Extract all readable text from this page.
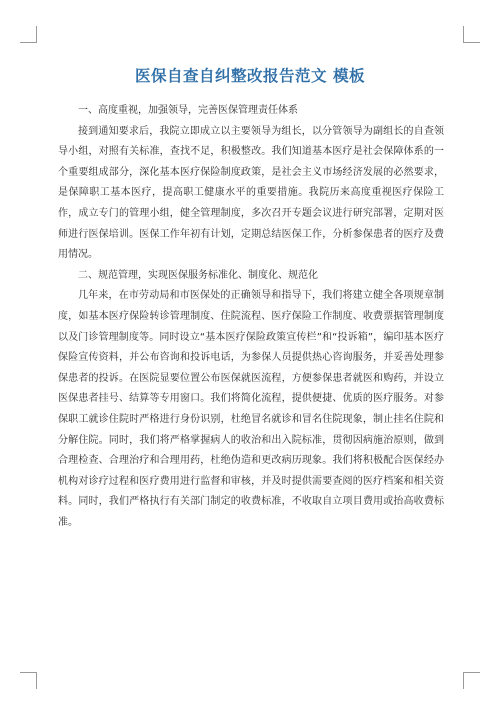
医保自查自纠整改报告范文 模板

一、高度重视，加强领导，完善医保管理责任体系

接到通知要求后，我院立即成立以主要领导为组长，以分管领导为副组长的自查领导小组，对照有关标准，查找不足，积极整改。我们知道基本医疗是社会保障体系的一个重要组成部分，深化基本医疗保险制度政策，是社会主义市场经济发展的必然要求，是保障职工基本医疗，提高职工健康水平的重要措施。我院历来高度重视医疗保险工作，成立专门的管理小组，健全管理制度，多次召开专题会议进行研究部署，定期对医师进行医保培训。医保工作年初有计划，定期总结医保工作，分析参保患者的医疗及费用情况。

二、规范管理，实现医保服务标准化、制度化、规范化

几年来，在市劳动局和市医保处的正确领导和指导下，我们将建立健全各项规章制度，如基本医疗保险转诊管理制度、住院流程、医疗保险工作制度、收费票据管理制度以及门诊管理制度等。同时设立“基本医疗保险政策宣传栏”和“投诉箱”，编印基本医疗保险宣传资料，并公布咨询和投诉电话，为参保人员提供热心咨询服务，并妥善处理参保患者的投诉。在医院显要位置公布医保就医流程，方便参保患者就医和购药，并设立医保患者挂号、结算等专用窗口。我们将简化流程，提供便捷、优质的医疗服务。对参保职工就诊住院时严格进行身份识别，杜绝冒名就诊和冒名住院现象，制止挂名住院和分解住院。同时，我们将严格掌握病人的收治和出入院标准，贯彻因病施治原则，做到合理检查、合理治疗和合理用药，杜绝伪造和更改病历现象。我们将积极配合医保经办机构对诊疗过程和医疗费用进行监督和审核，并及时提供需要查阅的医疗档案和相关资料。同时，我们严格执行有关部门制定的收费标准，不收取自立项目费用或抬高收费标准。
